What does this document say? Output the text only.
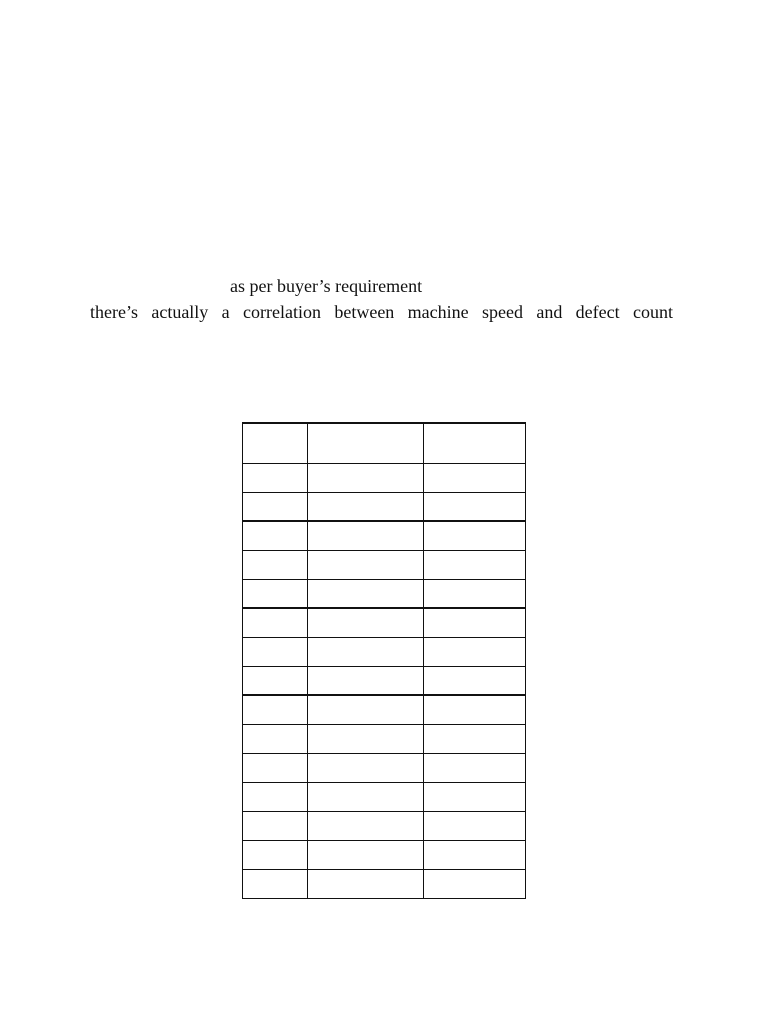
as per buyer’s requirement
there’s actually a correlation between machine speed and defect count
